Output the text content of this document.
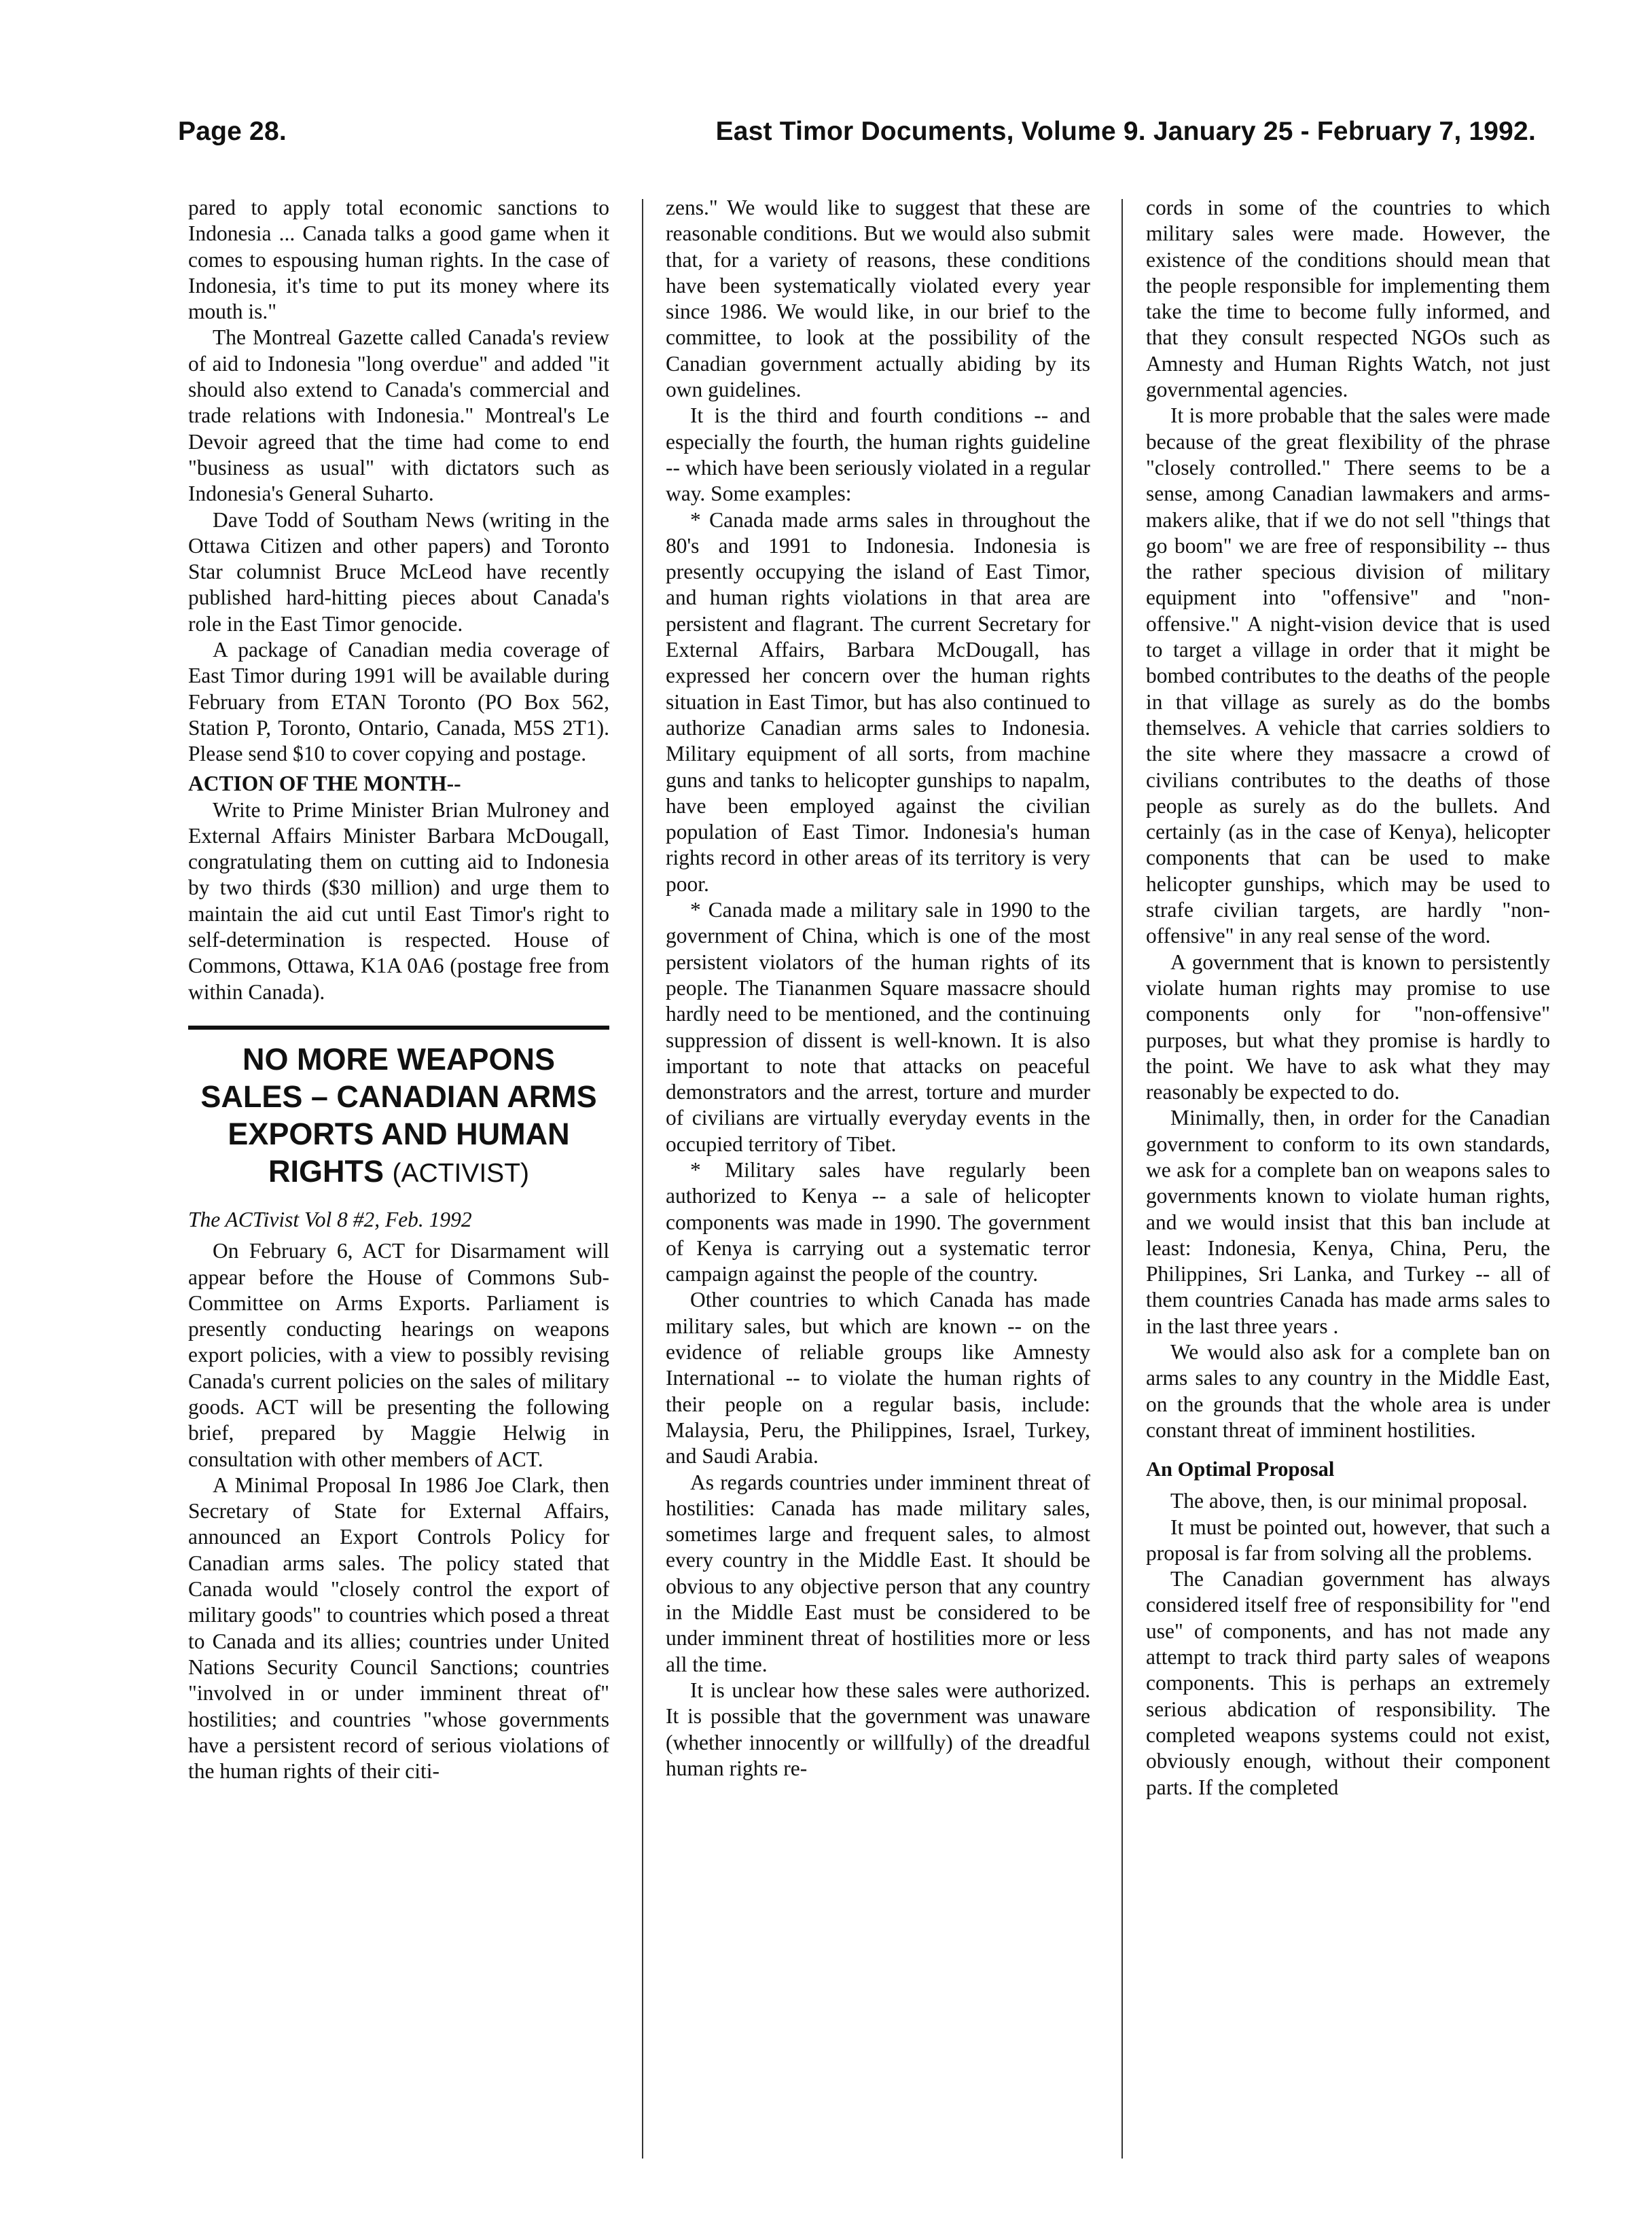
Page 28.	East Timor Documents, Volume 9. January 25 - February 7, 1992.

pared to apply total economic sanctions to Indonesia ... Canada talks a good game when it comes to espousing human rights. In the case of Indonesia, it's time to put its money where its mouth is."

The Montreal Gazette called Canada's review of aid to Indonesia "long overdue" and added "it should also extend to Canada's commercial and trade relations with Indonesia." Montreal's Le Devoir agreed that the time had come to end "business as usual" with dictators such as Indonesia's General Suharto.

Dave Todd of Southam News (writing in the Ottawa Citizen and other papers) and Toronto Star columnist Bruce McLeod have recently published hard-hitting pieces about Canada's role in the East Timor genocide.

A package of Canadian media coverage of East Timor during 1991 will be available during February from ETAN Toronto (PO Box 562, Station P, Toronto, Ontario, Canada, M5S 2T1). Please send $10 to cover copying and postage.

ACTION OF THE MONTH--

Write to Prime Minister Brian Mulroney and External Affairs Minister Barbara McDougall, congratulating them on cutting aid to Indonesia by two thirds ($30 million) and urge them to maintain the aid cut until East Timor's right to self-determination is respected. House of Commons, Ottawa, K1A 0A6 (postage free from within Canada).

NO MORE WEAPONS SALES – CANADIAN ARMS EXPORTS AND HUMAN RIGHTS (ACTIVIST)

The ACTivist Vol 8 #2, Feb. 1992

On February 6, ACT for Disarmament will appear before the House of Commons Sub-Committee on Arms Exports. Parliament is presently conducting hearings on weapons export policies, with a view to possibly revising Canada's current policies on the sales of military goods. ACT will be presenting the following brief, prepared by Maggie Helwig in consultation with other members of ACT.

A Minimal Proposal In 1986 Joe Clark, then Secretary of State for External Affairs, announced an Export Controls Policy for Canadian arms sales. The policy stated that Canada would "closely control the export of military goods" to countries which posed a threat to Canada and its allies; countries under United Nations Security Council Sanctions; countries "involved in or under imminent threat of" hostilities; and countries "whose governments have a persistent record of serious violations of the human rights of their citi-

zens." We would like to suggest that these are reasonable conditions. But we would also submit that, for a variety of reasons, these conditions have been systematically violated every year since 1986. We would like, in our brief to the committee, to look at the possibility of the Canadian government actually abiding by its own guidelines.

It is the third and fourth conditions -- and especially the fourth, the human rights guideline -- which have been seriously violated in a regular way. Some examples:

* Canada made arms sales in throughout the 80's and 1991 to Indonesia. Indonesia is presently occupying the island of East Timor, and human rights violations in that area are persistent and flagrant. The current Secretary for External Affairs, Barbara McDougall, has expressed her concern over the human rights situation in East Timor, but has also continued to authorize Canadian arms sales to Indonesia. Military equipment of all sorts, from machine guns and tanks to helicopter gunships to napalm, have been employed against the civilian population of East Timor. Indonesia's human rights record in other areas of its territory is very poor.

* Canada made a military sale in 1990 to the government of China, which is one of the most persistent violators of the human rights of its people. The Tiananmen Square massacre should hardly need to be mentioned, and the continuing suppression of dissent is well-known. It is also important to note that attacks on peaceful demonstrators and the arrest, torture and murder of civilians are virtually everyday events in the occupied territory of Tibet.

* Military sales have regularly been authorized to Kenya -- a sale of helicopter components was made in 1990. The government of Kenya is carrying out a systematic terror campaign against the people of the country.

Other countries to which Canada has made military sales, but which are known -- on the evidence of reliable groups like Amnesty International -- to violate the human rights of their people on a regular basis, include: Malaysia, Peru, the Philippines, Israel, Turkey, and Saudi Arabia.

As regards countries under imminent threat of hostilities: Canada has made military sales, sometimes large and frequent sales, to almost every country in the Middle East. It should be obvious to any objective person that any country in the Middle East must be considered to be under imminent threat of hostilities more or less all the time.

It is unclear how these sales were authorized. It is possible that the government was unaware (whether innocently or willfully) of the dreadful human rights re-

cords in some of the countries to which military sales were made. However, the existence of the conditions should mean that the people responsible for implementing them take the time to become fully informed, and that they consult respected NGOs such as Amnesty and Human Rights Watch, not just governmental agencies.

It is more probable that the sales were made because of the great flexibility of the phrase "closely controlled." There seems to be a sense, among Canadian lawmakers and arms-makers alike, that if we do not sell "things that go boom" we are free of responsibility -- thus the rather specious division of military equipment into "offensive" and "non-offensive." A night-vision device that is used to target a village in order that it might be bombed contributes to the deaths of the people in that village as surely as do the bombs themselves. A vehicle that carries soldiers to the site where they massacre a crowd of civilians contributes to the deaths of those people as surely as do the bullets. And certainly (as in the case of Kenya), helicopter components that can be used to make helicopter gunships, which may be used to strafe civilian targets, are hardly "non-offensive" in any real sense of the word.

A government that is known to persistently violate human rights may promise to use components only for "non-offensive" purposes, but what they promise is hardly to the point. We have to ask what they may reasonably be expected to do.

Minimally, then, in order for the Canadian government to conform to its own standards, we ask for a complete ban on weapons sales to governments known to violate human rights, and we would insist that this ban include at least: Indonesia, Kenya, China, Peru, the Philippines, Sri Lanka, and Turkey -- all of them countries Canada has made arms sales to in the last three years .

We would also ask for a complete ban on arms sales to any country in the Middle East, on the grounds that the whole area is under constant threat of imminent hostilities.

An Optimal Proposal

The above, then, is our minimal proposal.

It must be pointed out, however, that such a proposal is far from solving all the problems.

The Canadian government has always considered itself free of responsibility for "end use" of components, and has not made any attempt to track third party sales of weapons components. This is perhaps an extremely serious abdication of responsibility. The completed weapons systems could not exist, obviously enough, without their component parts. If the completed
